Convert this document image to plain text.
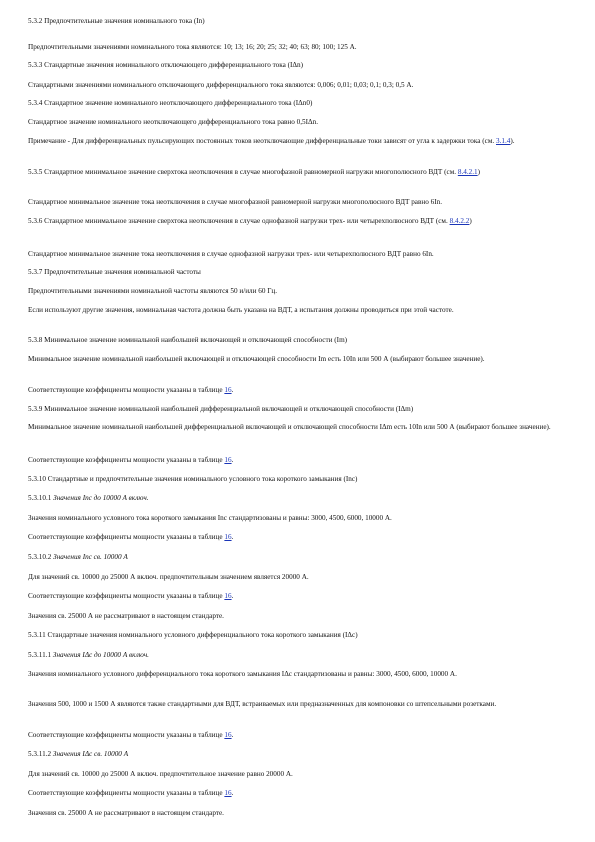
5.3.2 Предпочтительные значения номинального тока (In)

Предпочтительными значениями номинального тока являются: 10; 13; 16; 20; 25; 32; 40; 63; 80; 100; 125 А.

5.3.3 Стандартные значения номинального отключающего дифференциального тока (IΔn)

Стандартными значениями номинального отключающего дифференциального тока являются: 0,006; 0,01; 0,03; 0,1; 0,3; 0,5 А.

5.3.4 Стандартное значение номинального неотключающего дифференциального тока (IΔn0)

Стандартное значение номинального неотключающего дифференциального тока равно 0,5IΔn.

Примечание - Для дифференциальных пульсирующих постоянных токов неотключающие дифференциальные токи зависят от угла к задержки тока (см. 3.1.4).

5.3.5 Стандартное минимальное значение сверхтока неотключения в случае многофазной равномерной нагрузки многополюсного ВДТ (см. 8.4.2.1)

Стандартное минимальное значение тока неотключения в случае многофазной равномерной нагрузки многополюсного ВДТ равно 6In.

5.3.6 Стандартное минимальное значение сверхтока неотключения в случае однофазной нагрузки трех- или четырехполюсного ВДТ (см. 8.4.2.2)

Стандартное минимальное значение тока неотключения в случае однофазной нагрузки трех- или четырехполюсного ВДТ равно 6In.

5.3.7 Предпочтительные значения номинальной частоты

Предпочтительными значениями номинальной частоты являются 50 и/или 60 Гц.

Если используют другие значения, номинальная частота должна быть указана на ВДТ, а испытания должны проводиться при этой частоте.

5.3.8 Минимальное значение номинальной наибольшей включающей и отключающей способности (Im)

Минимальное значение номинальной наибольшей включающей и отключающей способности Im есть 10In или 500 А (выбирают большее значение).

Соответствующие коэффициенты мощности указаны в таблице 16.

5.3.9 Минимальное значение номинальной наибольшей дифференциальной включающей и отключающей способности (IΔm)

Минимальное значение номинальной наибольшей дифференциальной включающей и отключающей способности IΔm есть 10In или 500 А (выбирают большее значение).

Соответствующие коэффициенты мощности указаны в таблице 16.

5.3.10 Стандартные и предпочтительные значения номинального условного тока короткого замыкания (Inc)

5.3.10.1 Значения Inc до 10000 А включ.

Значения номинального условного тока короткого замыкания Inc стандартизованы и равны: 3000, 4500, 6000, 10000 А.

Соответствующие коэффициенты мощности указаны в таблице 16.

5.3.10.2 Значения Inc св. 10000 А

Для значений св. 10000 до 25000 А включ. предпочтительным значением является 20000 А.

Соответствующие коэффициенты мощности указаны в таблице 16.

Значения св. 25000 А не рассматривают в настоящем стандарте.

5.3.11 Стандартные значения номинального условного дифференциального тока короткого замыкания (IΔc)

5.3.11.1 Значения IΔc до 10000 А включ.

Значения номинального условного дифференциального тока короткого замыкания IΔc стандартизованы и равны: 3000, 4500, 6000, 10000 А.

Значения 500, 1000 и 1500 А являются также стандартными для ВДТ, встраиваемых или предназначенных для компоновки со штепсельными розетками.

Соответствующие коэффициенты мощности указаны в таблице 16.

5.3.11.2 Значения IΔc св. 10000 А

Для значений св. 10000 до 25000 А включ. предпочтительное значение равно 20000 А.

Соответствующие коэффициенты мощности указаны в таблице 16.

Значения св. 25000 А не рассматривают в настоящем стандарте.
